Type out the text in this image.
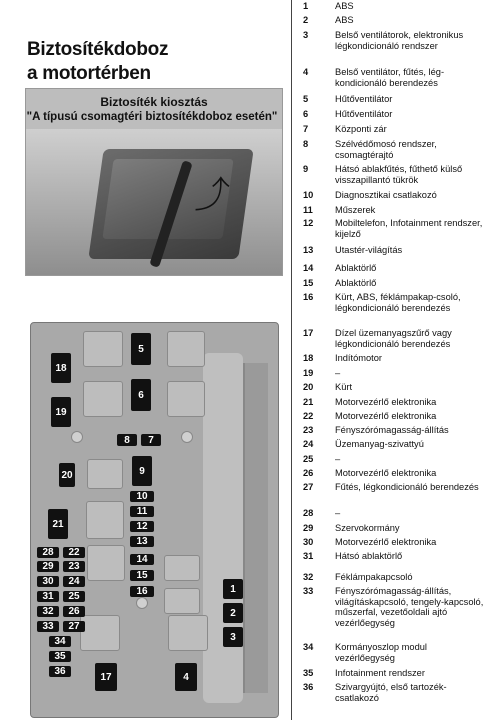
Biztosítékdoboz
a motortérben
⤴
Biztosíték kiosztás
"A típusú csomagtéri biztosítékdoboz esetén"
5
6
18
19
8	7
9
20
10
11
12
13
21
14
15
16	1
2
3
28	22
29	23
30	24
31	25
32	26
33	27
34
35
36	17	4
1	ABS
2	ABS
3	Belső ventilátorok, elektronikus légkondicionáló rendszer
4	Belső ventilátor, fűtés, lég-kondicionáló berendezés
5	Hűtőventilátor
6	Hűtőventilátor
7	Központi zár
8	Szélvédőmosó rendszer, csomagtérajtó
9	Hátsó ablakfűtés, fűthető külső visszapillantó tükrök
10	Diagnosztikai csatlakozó
11	Műszerek
12	Mobiltelefon, Infotainment rendszer, kijelző
13	Utastér-világítás
14	Ablaktörlő
15	Ablaktörlő
16	Kürt, ABS, féklámpakap-csoló, légkondicionáló berendezés
17	Dízel üzemanyagszűrő vagy légkondicionáló berendezés
18	Indítómotor
19	–
20	Kürt
21	Motorvezérlő elektronika
22	Motorvezérlő elektronika
23	Fényszórómagasság-állítás
24	Üzemanyag-szivattyú
25	–
26	Motorvezérlő elektronika
27	Fűtés, légkondicionáló berendezés
28	–
29	Szervokormány
30	Motorvezérlő elektronika
31	Hátsó ablaktörlő
32	Féklámpakapcsoló
33	Fényszórómagasság-állítás, világításkapcsoló, tengely-kapcsoló, műszerfal, vezetőoldali ajtó vezérlőegység
34	Kormányoszlop modul vezérlőegység
35	Infotainment rendszer
36	Szivargyújtó, első tartozék-csatlakozó
